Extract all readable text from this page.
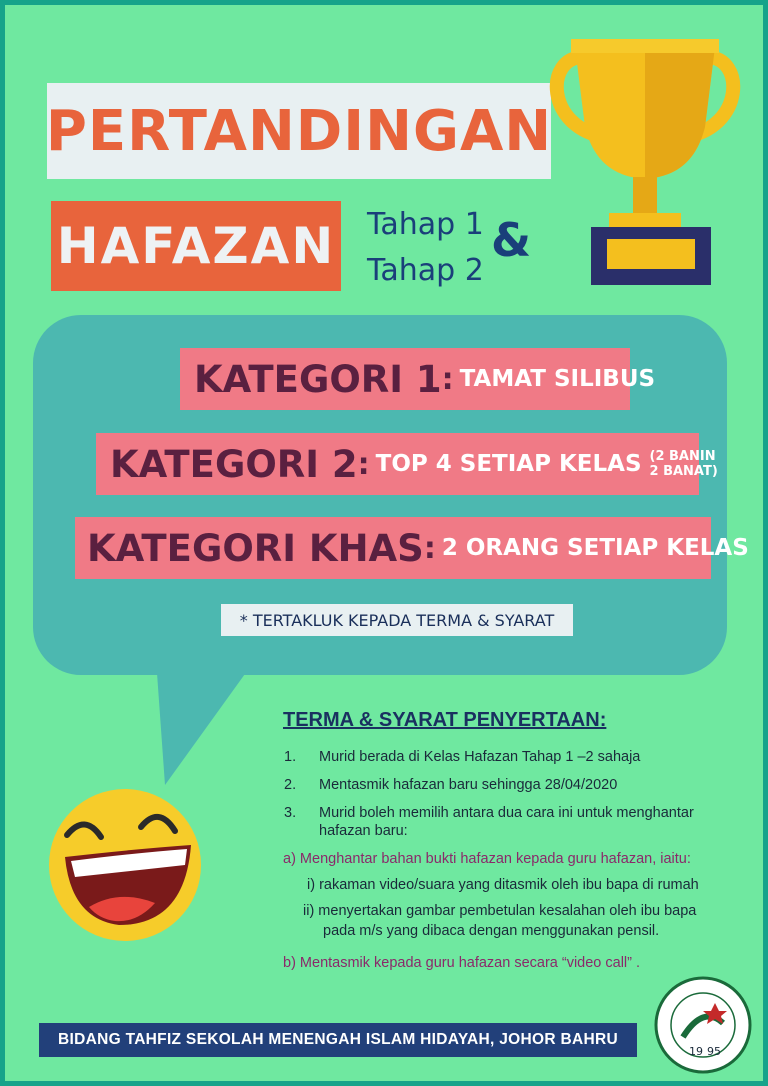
PERTANDINGAN
HAFAZAN Tahap 1
Tahap 2
&
KATEGORI 1 : TAMAT SILIBUS
KATEGORI 2 : TOP 4 SETIAP KELAS (2 BANIN
2 BANAT)
KATEGORI KHAS : 2 ORANG SETIAP KELAS
* TERTAKLUK KEPADA TERMA & SYARAT
TERMA & SYARAT PENYERTAAN:
1. Murid berada di Kelas Hafazan Tahap 1 –2 sahaja
2. Mentasmik hafazan baru sehingga 28/04/2020
3. Murid boleh memilih antara dua cara ini untuk menghantar
hafazan baru:
a) Menghantar bahan bukti hafazan kepada guru hafazan, iaitu:
i) rakaman video/suara yang ditasmik oleh ibu bapa di rumah
ii) menyertakan gambar pembetulan kesalahan oleh ibu bapa
pada m/s yang dibaca dengan menggunakan pensil.
b) Mentasmik kepada guru hafazan secara “video call” .
BIDANG TAHFIZ SEKOLAH MENENGAH ISLAM HIDAYAH, JOHOR BAHRU
19 95
